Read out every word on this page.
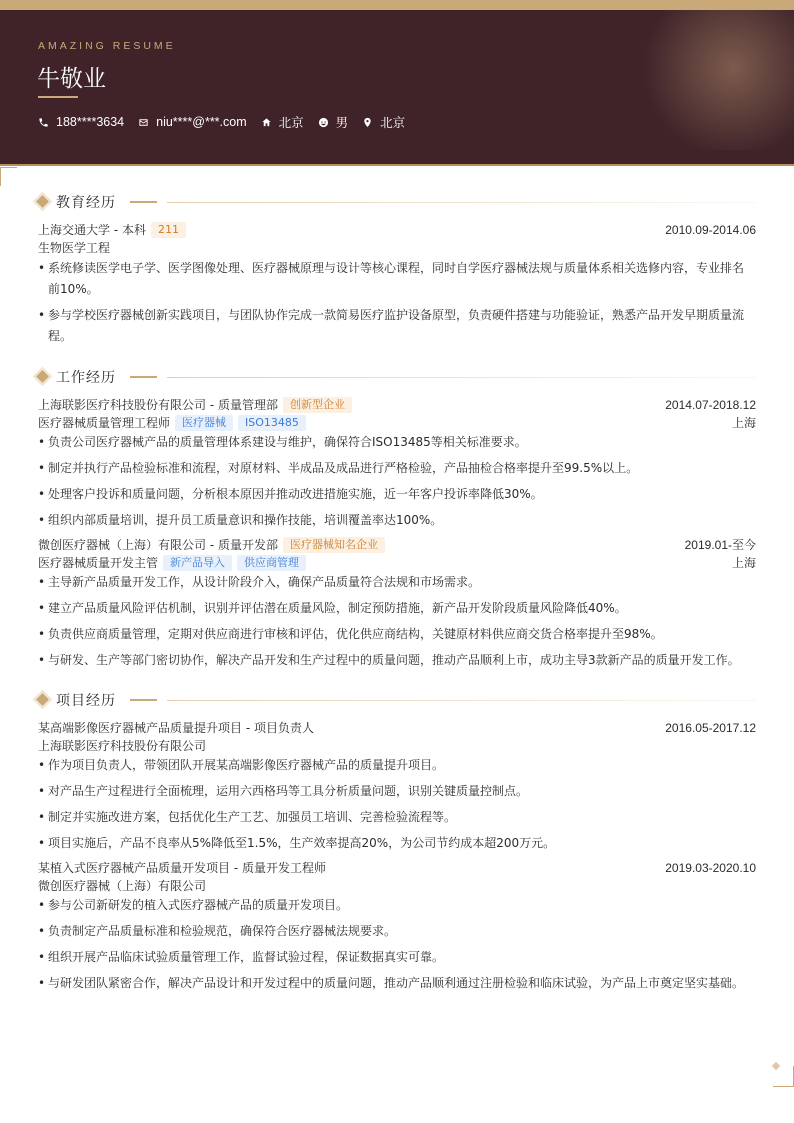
AMAZING RESUME
牛敬业
188****3634	niu****@***.com	北京	男	北京
教育经历
上海交通大学 - 本科	211	2010.09-2014.06
生物医学工程
• 系统修读医学电子学、医学图像处理、医疗器械原理与设计等核心课程，同时自学医疗器械法规与质量体系相关选修内容，专业排名前10%。
• 参与学校医疗器械创新实践项目，与团队协作完成一款简易医疗监护设备原型，负责硬件搭建与功能验证，熟悉产品开发早期质量流程。
工作经历
上海联影医疗科技股份有限公司 - 质量管理部	创新型企业	2014.07-2018.12
医疗器械质量管理工程师	医疗器械	ISO13485	上海
• 负责公司医疗器械产品的质量管理体系建设与维护，确保符合ISO13485等相关标准要求。
• 制定并执行产品检验标准和流程，对原材料、半成品及成品进行严格检验，产品抽检合格率提升至99.5%以上。
• 处理客户投诉和质量问题，分析根本原因并推动改进措施实施，近一年客户投诉率降低30%。
• 组织内部质量培训，提升员工质量意识和操作技能，培训覆盖率达100%。
微创医疗器械（上海）有限公司 - 质量开发部	医疗器械知名企业	2019.01-至今
医疗器械质量开发主管	新产品导入	供应商管理	上海
• 主导新产品质量开发工作，从设计阶段介入，确保产品质量符合法规和市场需求。
• 建立产品质量风险评估机制，识别并评估潜在质量风险，制定预防措施，新产品开发阶段质量风险降低40%。
• 负责供应商质量管理，定期对供应商进行审核和评估，优化供应商结构，关键原材料供应商交货合格率提升至98%。
• 与研发、生产等部门密切协作，解决产品开发和生产过程中的质量问题，推动产品顺利上市，成功主导3款新产品的质量开发工作。
项目经历
某高端影像医疗器械产品质量提升项目 - 项目负责人	2016.05-2017.12
上海联影医疗科技股份有限公司
• 作为项目负责人，带领团队开展某高端影像医疗器械产品的质量提升项目。
• 对产品生产过程进行全面梳理，运用六西格玛等工具分析质量问题，识别关键质量控制点。
• 制定并实施改进方案，包括优化生产工艺、加强员工培训、完善检验流程等。
• 项目实施后，产品不良率从5%降低至1.5%，生产效率提高20%，为公司节约成本超200万元。
某植入式医疗器械产品质量开发项目 - 质量开发工程师	2019.03-2020.10
微创医疗器械（上海）有限公司
• 参与公司新研发的植入式医疗器械产品的质量开发项目。
• 负责制定产品质量标准和检验规范，确保符合医疗器械法规要求。
• 组织开展产品临床试验质量管理工作，监督试验过程，保证数据真实可靠。
• 与研发团队紧密合作，解决产品设计和开发过程中的质量问题，推动产品顺利通过注册检验和临床试验，为产品上市奠定坚实基础。
